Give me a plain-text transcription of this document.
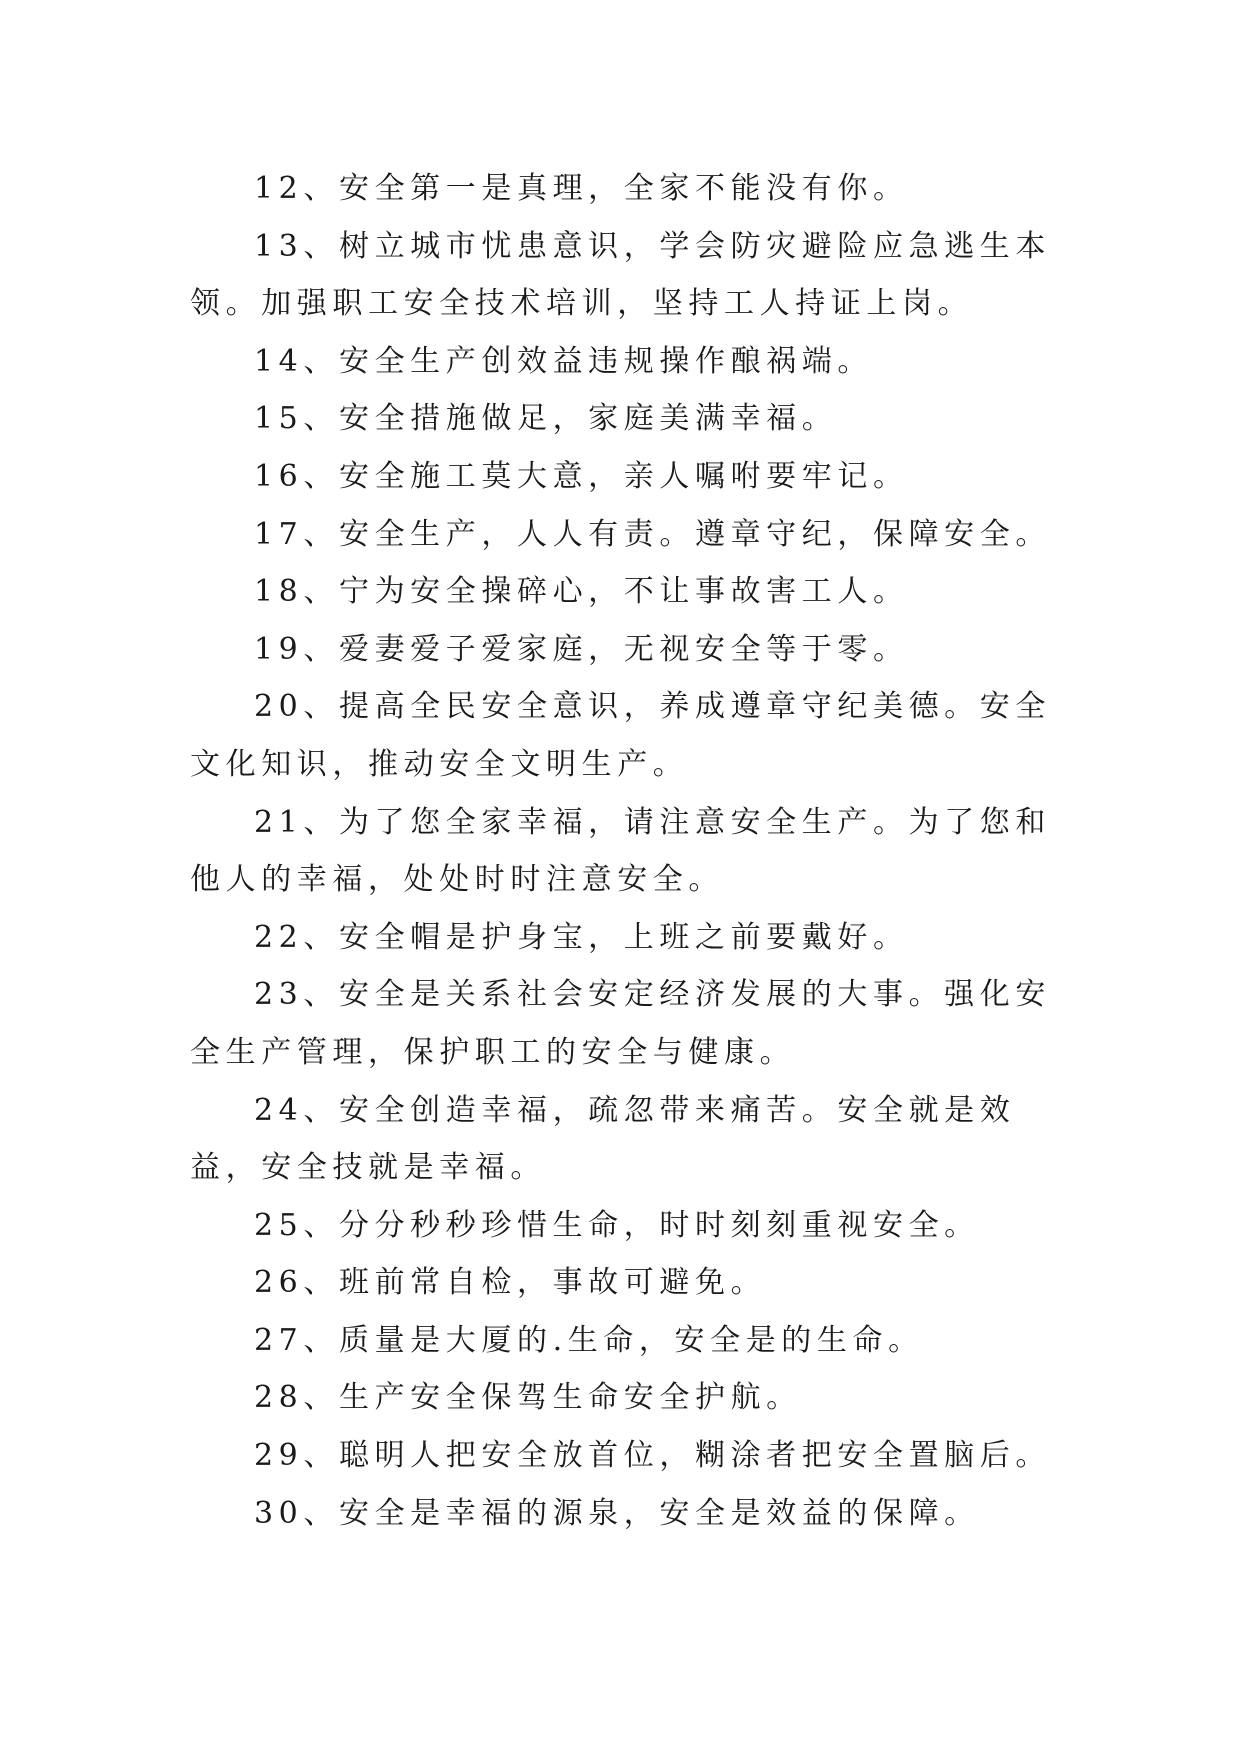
12、安全第一是真理，全家不能没有你。

13、树立城市忧患意识，学会防灾避险应急逃生本领。加强职工安全技术培训，坚持工人持证上岗。

14、安全生产创效益违规操作酿祸端。

15、安全措施做足，家庭美满幸福。

16、安全施工莫大意，亲人嘱咐要牢记。

17、安全生产，人人有责。遵章守纪，保障安全。

18、宁为安全操碎心，不让事故害工人。

19、爱妻爱子爱家庭，无视安全等于零。

20、提高全民安全意识，养成遵章守纪美德。安全文化知识，推动安全文明生产。

21、为了您全家幸福，请注意安全生产。为了您和他人的幸福，处处时时注意安全。

22、安全帽是护身宝，上班之前要戴好。

23、安全是关系社会安定经济发展的大事。强化安全生产管理，保护职工的安全与健康。

24、安全创造幸福，疏忽带来痛苦。安全就是效益，安全技就是幸福。

25、分分秒秒珍惜生命，时时刻刻重视安全。

26、班前常自检，事故可避免。

27、质量是大厦的.生命，安全是的生命。

28、生产安全保驾生命安全护航。

29、聪明人把安全放首位，糊涂者把安全置脑后。

30、安全是幸福的源泉，安全是效益的保障。
